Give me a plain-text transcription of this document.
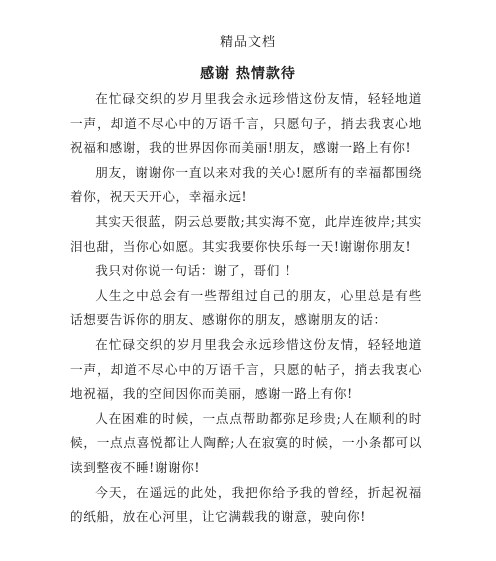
精品文档
感谢 热情款待

在忙碌交织的岁月里我会永远珍惜这份友情，轻轻地道一声，却道不尽心中的万语千言，只愿句子，捎去我衷心地祝福和感谢，我的世界因你而美丽!朋友，感谢一路上有你!

朋友，谢谢你一直以来对我的关心!愿所有的幸福都围绕着你，祝天天开心，幸福永远!

其实天很蓝，阴云总要散;其实海不宽，此岸连彼岸;其实泪也甜，当你心如愿。其实我要你快乐每一天!谢谢你朋友!

我只对你说一句话：谢了，哥们 ！

人生之中总会有一些帮组过自己的朋友，心里总是有些话想要告诉你的朋友、感谢你的朋友，感谢朋友的话：

在忙碌交织的岁月里我会永远珍惜这份友情，轻轻地道一声，却道不尽心中的万语千言，只愿的帖子，捎去我衷心地祝福，我的空间因你而美丽，感谢一路上有你!

人在困难的时候，一点点帮助都弥足珍贵;人在顺利的时候，一点点喜悦都让人陶醉;人在寂寞的时候，一小条都可以读到整夜不睡!谢谢你!

今天，在遥远的此处，我把你给予我的曾经，折起祝福的纸船，放在心河里，让它满载我的谢意，驶向你!
